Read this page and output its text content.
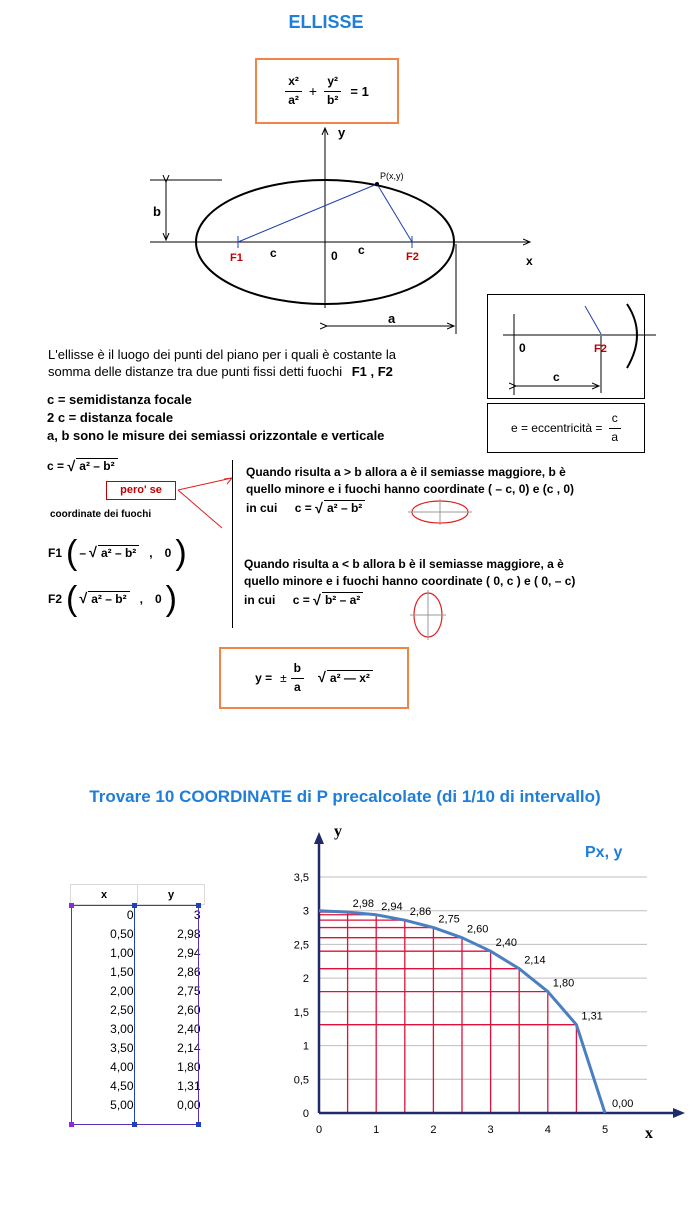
ELLISSE
$\frac{\text{x²}}{\text{a²}} + \frac{\text{y²}}{\text{b²}} = 1$
y
x
P(x,y)
b
c	c
0
F1	F2
a
0	F2
c
e = eccentricità = $\frac{c}{a}$
L'ellisse è il luogo dei punti del piano per i quali è costante la
somma delle distanze tra due punti fissi detti fuochi F1 , F2
c = semidistanza focale
2 c = distanza focale
a, b sono le misure dei semiassi orizzontale e verticale
c = √ a² – b²
pero' se
coordinate dei fuochi
F1 ( – √ a² – b² , 0 )
F2 ( √ a² – b² , 0 )
Quando risulta a > b allora a è il semiasse maggiore, b è
quello minore e i fuochi hanno coordinate ( – c, 0) e (c , 0)
in cui c = √ a² – b²
Quando risulta a < b allora b è il semiasse maggiore, a è
quello minore e i fuochi hanno coordinate ( 0, c ) e ( 0, – c)
in cui c = √ b² – a²
y = ± $\frac{b}{a}$ √ a² — x²
Trovare 10 COORDINATE di P precalcolate (di 1/10 di intervallo)
x	y
0	3
0,50	2,98
1,00	2,94
1,50	2,86
2,00	2,75
2,50	2,60
3,00	2,40
3,50	2,14
4,00	1,80
4,50	1,31
5,00	0,00
0
0,5
1
1,5
2
2,5
3
3,5
0	1	2	3	4	5
2,98 2,94 2,86
2,75
2,60
2,40
2,14
1,80
1,31
0,00
Px, y
y
x
